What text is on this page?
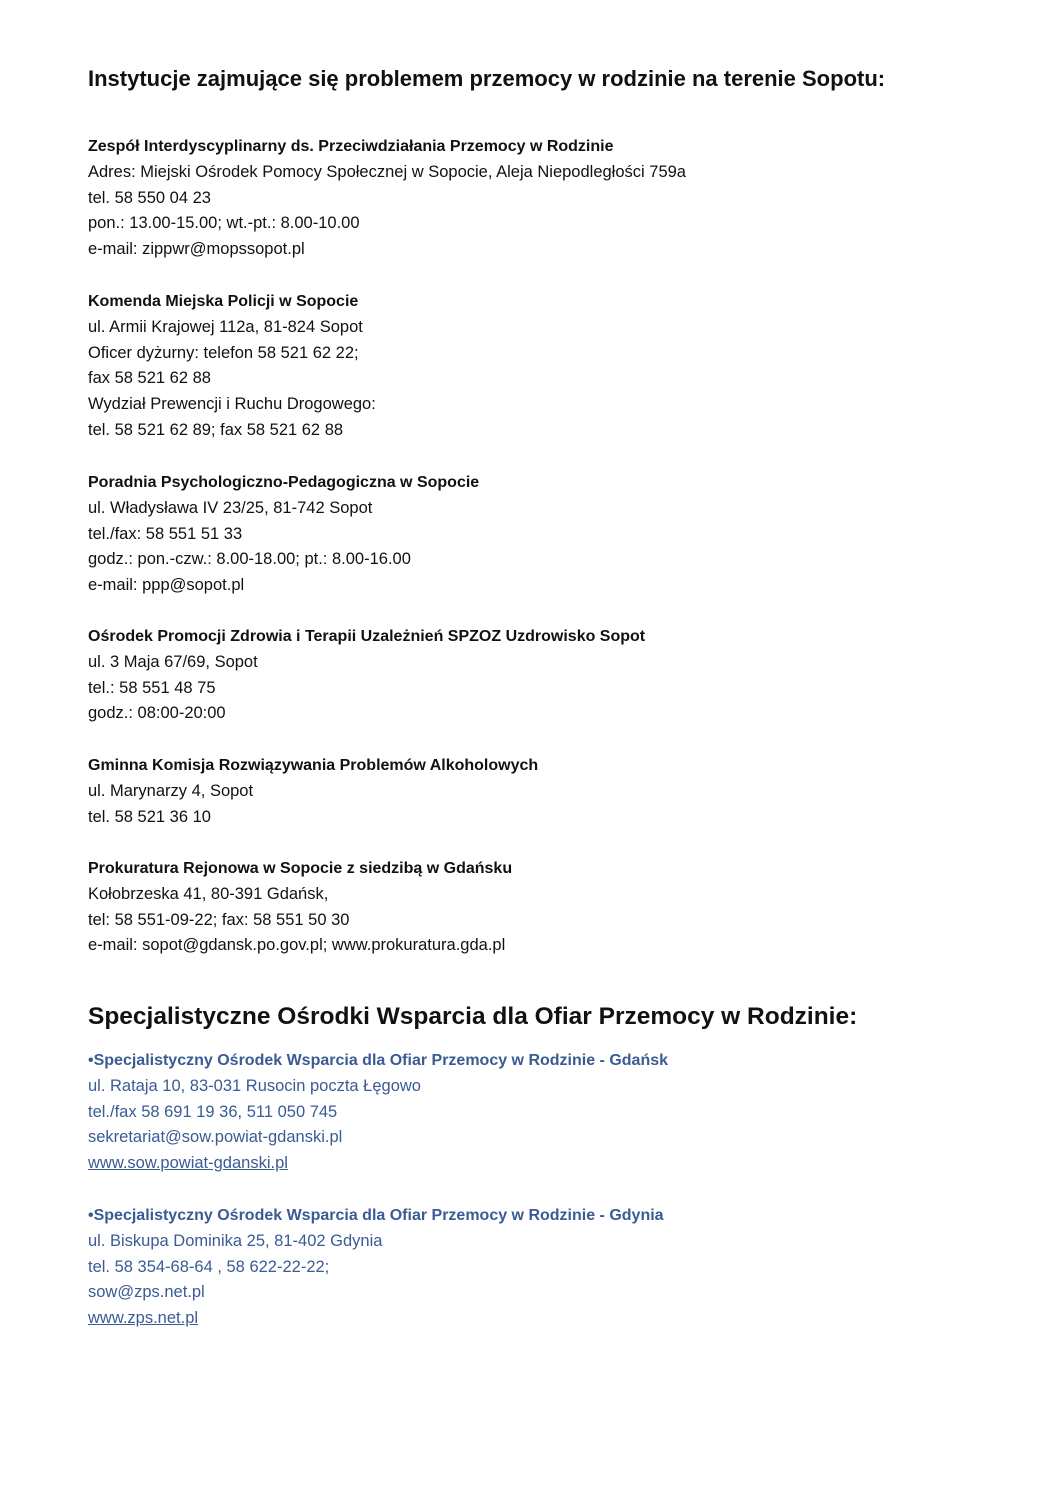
Instytucje zajmujące się problemem przemocy w rodzinie na terenie Sopotu:
Zespół Interdyscyplinarny ds. Przeciwdziałania Przemocy w Rodzinie
Adres: Miejski Ośrodek Pomocy Społecznej w Sopocie, Aleja Niepodległości 759a
tel. 58 550 04 23
pon.: 13.00-15.00; wt.-pt.: 8.00-10.00
e-mail: zippwr@mopssopot.pl
Komenda Miejska Policji w Sopocie
ul. Armii Krajowej 112a, 81-824 Sopot
Oficer dyżurny: telefon 58 521 62 22;
fax 58 521 62 88
Wydział Prewencji i Ruchu Drogowego:
tel. 58 521 62 89; fax 58 521 62 88
Poradnia Psychologiczno-Pedagogiczna w Sopocie
ul. Władysława IV 23/25, 81-742 Sopot
tel./fax: 58 551 51 33
godz.: pon.-czw.: 8.00-18.00; pt.: 8.00-16.00
e-mail: ppp@sopot.pl
Ośrodek Promocji Zdrowia i Terapii Uzależnień SPZOZ Uzdrowisko Sopot
ul. 3 Maja 67/69, Sopot
tel.: 58 551 48 75
godz.: 08:00-20:00
Gminna Komisja Rozwiązywania Problemów Alkoholowych
ul. Marynarzy 4, Sopot
tel. 58 521 36 10
Prokuratura Rejonowa w Sopocie z siedzibą w Gdańsku
Kołobrzeska 41, 80-391 Gdańsk,
tel: 58 551-09-22; fax: 58 551 50 30
e-mail: sopot@gdansk.po.gov.pl; www.prokuratura.gda.pl
Specjalistyczne Ośrodki Wsparcia dla Ofiar Przemocy w Rodzinie:
•Specjalistyczny Ośrodek Wsparcia dla Ofiar Przemocy w Rodzinie - Gdańsk
ul. Rataja 10, 83-031 Rusocin poczta Łęgowo
tel./fax 58 691 19 36, 511 050 745
sekretariat@sow.powiat-gdanski.pl
www.sow.powiat-gdanski.pl
•Specjalistyczny Ośrodek Wsparcia dla Ofiar Przemocy w Rodzinie - Gdynia
ul. Biskupa Dominika 25, 81-402 Gdynia
tel. 58 354-68-64 , 58 622-22-22;
sow@zps.net.pl
www.zps.net.pl
